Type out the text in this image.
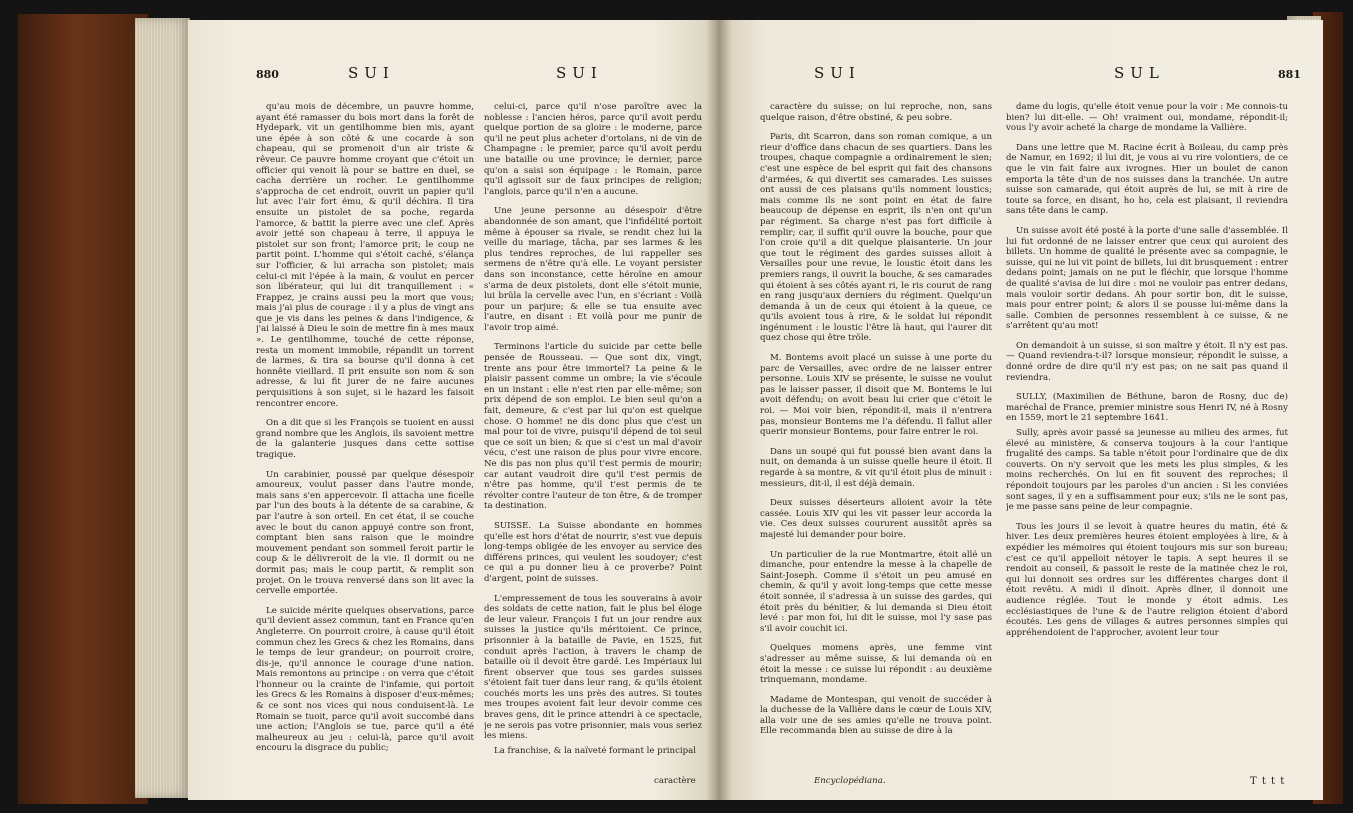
880	SUI	SUI

qu'au mois de décembre, un pauvre homme, ayant été ramasser du bois mort dans la forêt de Hydepark, vit un gentilhomme bien mis, ayant une épée à son côté & une cocarde à son chapeau, qui se promenoit d'un air triste & rêveur. Ce pauvre homme croyant que c'étoit un officier qui venoit là pour se battre en duel, se cacha derrière un rocher. Le gentilhomme s'approcha de cet endroit, ouvrit un papier qu'il lut avec l'air fort ému, & qu'il déchira. Il tira ensuite un pistolet de sa poche, regarda l'amorce, & battit la pierre avec une clef. Après avoir jetté son chapeau à terre, il appuya le pistolet sur son front; l'amorce prit; le coup ne partit point. L'homme qui s'étoit caché, s'élança sur l'officier, & lui arracha son pistolet; mais celui-ci mit l'épée à la main, & voulut en percer son libérateur, qui lui dit tranquillement : « Frappez, je crains aussi peu la mort que vous; mais j'ai plus de courage : il y a plus de vingt ans que je vis dans les peines & dans l'indigence, & j'ai laissé à Dieu le soin de mettre fin à mes maux ». Le gentilhomme, touché de cette réponse, resta un moment immobile, répandit un torrent de larmes, & tira sa bourse qu'il donna à cet honnête vieillard. Il prit ensuite son nom & son adresse, & lui fit jurer de ne faire aucunes perquisitions à son sujet, si le hazard les faisoit rencontrer encore.

On a dit que si les François se tuoient en aussi grand nombre que les Anglois, ils savoient mettre de la galanterie jusques dans cette sottise tragique.

Un carabinier, poussé par quelque désespoir amoureux, voulut passer dans l'autre monde, mais sans s'en appercevoir. Il attacha une ficelle par l'un des bouts à la détente de sa carabine, & par l'autre à son orteil. En cet état, il se couche avec le bout du canon appuyé contre son front, comptant bien sans raison que le moindre mouvement pendant son sommeil feroit partir le coup & le délivreroit de la vie. Il dormit ou ne dormit pas; mais le coup partit, & remplit son projet. On le trouva renversé dans son lit avec la cervelle emportée.

Le suicide mérite quelques observations, parce qu'il devient assez commun, tant en France qu'en Angleterre. On pourroit croire, à cause qu'il étoit commun chez les Grecs & chez les Romains, dans le temps de leur grandeur; on pourroit croire, dis-je, qu'il annonce le courage d'une nation. Mais remontons au principe : on verra que c'étoit l'honneur ou la crainte de l'infamie, qui portoit les Grecs & les Romains à disposer d'eux-mêmes; & ce sont nos vices qui nous conduisent-là. Le Romain se tuoit, parce qu'il avoit succombé dans une action; l'Anglois se tue, parce qu'il a été malheureux au jeu : celui-là, parce qu'il avoit encouru la disgrace du public;

celui-ci, parce qu'il n'ose paroître avec la noblesse : l'ancien héros, parce qu'il avoit perdu quelque portion de sa gloire : le moderne, parce qu'il ne peut plus acheter d'ortolans, ni de vin de Champagne : le premier, parce qu'il avoit perdu une bataille ou une province; le dernier, parce qu'on a saisi son équipage : le Romain, parce qu'il agissoit sur de faux principes de religion; l'anglois, parce qu'il n'en a aucune.

Une jeune personne au désespoir d'être abandonnée de son amant, que l'infidélité portoit même à épouser sa rivale, se rendit chez lui la veille du mariage, tâcha, par ses larmes & les plus tendres reproches, de lui rappeller ses sermens de n'être qu'à elle. Le voyant persister dans son inconstance, cette héroïne en amour s'arma de deux pistolets, dont elle s'étoit munie, lui brûla la cervelle avec l'un, en s'écriant : Voilà pour un parjure; & elle se tua ensuite avec l'autre, en disant : Et voilà pour me punir de l'avoir trop aimé.

Terminons l'article du suicide par cette belle pensée de Rousseau. — Que sont dix, vingt, trente ans pour être immortel? La peine & le plaisir passent comme un ombre; la vie s'écoule en un instant : elle n'est rien par elle-même; son prix dépend de son emploi. Le bien seul qu'on a fait, demeure, & c'est par lui qu'on est quelque chose. O homme! ne dis donc plus que c'est un mal pour toi de vivre, puisqu'il dépend de toi seul que ce soit un bien; & que si c'est un mal d'avoir vécu, c'est une raison de plus pour vivre encore. Ne dis pas non plus qu'il t'est permis de mourir; car autant vaudroit dire qu'il t'est permis de n'être pas homme, qu'il t'est permis de te révolter contre l'auteur de ton être, & de tromper ta destination.

SUISSE. La Suisse abondante en hommes qu'elle est hors d'état de nourrir, s'est vue depuis long-temps obligée de les envoyer au service des différens princes, qui veulent les soudoyer; c'est ce qui a pu donner lieu à ce proverbe? Point d'argent, point de suisses.

L'empressement de tous les souverains à avoir des soldats de cette nation, fait le plus bel éloge de leur valeur. François I fut un jour rendre aux suisses la justice qu'ils méritoient. Ce prince, prisonnier à la bataille de Pavie, en 1525, fut conduit après l'action, à travers le champ de bataille où il devoit être gardé. Les Impériaux lui firent observer que tous ses gardes suisses s'étoient fait tuer dans leur rang, & qu'ils étoient couchés morts les uns près des autres. Si toutes mes troupes avoient fait leur devoir comme ces braves gens, dit le prince attendri à ce spectacle, je ne serois pas votre prisonnier, mais vous seriez les miens.

La franchise, & la naïveté formant le principal

caractère
SUI	SUL	881

caractère du suisse; on lui reproche, non, sans quelque raison, d'être obstiné, & peu sobre.

Paris, dit Scarron, dans son roman comique, a un rieur d'office dans chacun de ses quartiers. Dans les troupes, chaque compagnie a ordinairement le sien; c'est une espèce de bel esprit qui fait des chansons d'armées, & qui divertit ses camarades. Les suisses ont aussi de ces plaisans qu'ils nomment loustics; mais comme ils ne sont point en état de faire beaucoup de dépense en esprit, ils n'en ont qu'un par régiment. Sa charge n'est pas fort difficile à remplir; car, il suffit qu'il ouvre la bouche, pour que l'on croie qu'il a dit quelque plaisanterie. Un jour que tout le régiment des gardes suisses alloit à Versailles pour une revue, le loustic étoit dans les premiers rangs, il ouvrit la bouche, & ses camarades qui étoient à ses côtés ayant ri, le ris courut de rang en rang jusqu'aux derniers du régiment. Quelqu'un demanda à un de ceux qui étoient à la queue, ce qu'ils avoient tous à rire, & le soldat lui répondit ingénument : le loustic l'être là haut, qui l'aurer dit quez chose qui être tröle.

M. Bontems avoit placé un suisse à une porte du parc de Versailles, avec ordre de ne laisser entrer personne. Louis XIV se présente, le suisse ne voulut pas le laisser passer, il disoit que M. Bontems le lui avoit défendu; on avoit beau lui crier que c'étoit le roi. — Moi voir bien, répondit-il, mais il n'entrera pas, monsieur Bontems me l'a défendu. Il fallut aller querir monsieur Bontems, pour faire entrer le roi.

Dans un soupé qui fut poussé bien avant dans la nuit, on demanda à un suisse quelle heure il étoit. Il regarde à sa montre, & vit qu'il étoit plus de minuit : messieurs, dit-il, il est déjà demain.

Deux suisses déserteurs alloient avoir la tête cassée. Louis XIV qui les vit passer leur accorda la vie. Ces deux suisses coururent aussitôt après sa majesté lui demander pour boire.

Un particulier de la rue Montmartre, étoit allé un dimanche, pour entendre la messe à la chapelle de Saint-Joseph. Comme il s'étoit un peu amusé en chemin, & qu'il y avoit long-temps que cette messe étoit sonnée, il s'adressa à un suisse des gardes, qui étoit près du bénitier, & lui demanda si Dieu étoit levé : par mon foi, lui dit le suisse, moi l'y sase pas s'il avoir couchit ici.

Quelques momens après, une femme vint s'adresser au même suisse, & lui demanda où en étoit la messe : ce suisse lui répondit : au deuxième trinquemann, mondame.

Madame de Montespan, qui venoit de succéder à la duchesse de la Vallière dans le cœur de Louis XIV, alla voir une de ses amies qu'elle ne trouva point. Elle recommanda bien au suisse de dire à la

Encyclopédiana.

dame du logis, qu'elle étoit venue pour la voir : Me connois-tu bien? lui dit-elle. — Oh! vraiment oui, mondame, répondit-il; vous l'y avoir acheté la charge de mondame la Vallière.

Dans une lettre que M. Racine écrit à Boileau, du camp près de Namur, en 1692; il lui dit, je vous ai vu rire volontiers, de ce que le vin fait faire aux ivrognes. Hier un boulet de canon emporta la tête d'un de nos suisses dans la tranchée. Un autre suisse son camarade, qui étoit auprès de lui, se mit à rire de toute sa force, en disant, ho ho, cela est plaisant, il reviendra sans tête dans le camp.

Un suisse avoit été posté à la porte d'une salle d'assemblée. Il lui fut ordonné de ne laisser entrer que ceux qui auroient des billets. Un homme de qualité le présente avec sa compagnie, le suisse, qui ne lui vit point de billets, lui dit brusquement : entrer dedans point; jamais on ne put le fléchir, que lorsque l'homme de qualité s'avisa de lui dire : moi ne vouloir pas entrer dedans, mais vouloir sortir dedans. Ah pour sortir bon, dit le suisse, mais pour entrer point; & alors il se pousse lui-même dans la salle. Combien de personnes ressemblent à ce suisse, & ne s'arrêtent qu'au mot!

On demandoit à un suisse, si son maître y étoit. Il n'y est pas. — Quand reviendra-t-il? lorsque monsieur, répondit le suisse, a donné ordre de dire qu'il n'y est pas; on ne sait pas quand il reviendra.

SULLY, (Maximilien de Béthune, baron de Rosny, duc de) maréchal de France, premier ministre sous Henri IV, né à Rosny en 1559, mort le 21 septembre 1641.

Sully, après avoir passé sa jeunesse au milieu des armes, fut élevé au ministère, & conserva toujours à la cour l'antique frugalité des camps. Sa table n'étoit pour l'ordinaire que de dix couverts. On n'y servoit que les mets les plus simples, & les moins recherchés. On lui en fit souvent des reproches; il répondoit toujours par les paroles d'un ancien : Si les conviées sont sages, il y en a suffisamment pour eux; s'ils ne le sont pas, je me passe sans peine de leur compagnie.

Tous les jours il se levoit à quatre heures du matin, été & hiver. Les deux premières heures étoient employées à lire, & à expédier les mémoires qui étoient toujours mis sur son bureau; c'est ce qu'il appelloit nétoyer le tapis. A sept heures il se rendoit au conseil, & passoit le reste de la matinée chez le roi, qui lui donnoit ses ordres sur les différentes charges dont il étoit revêtu. A midi il dînoit. Après dîner, il donnoit une audience réglée. Tout le monde y étoit admis. Les ecclésiastiques de l'une & de l'autre religion étoient d'abord écoutés. Les gens de villages & autres personnes simples qui appréhendoient de l'approcher, avoient leur tour

T t t t
